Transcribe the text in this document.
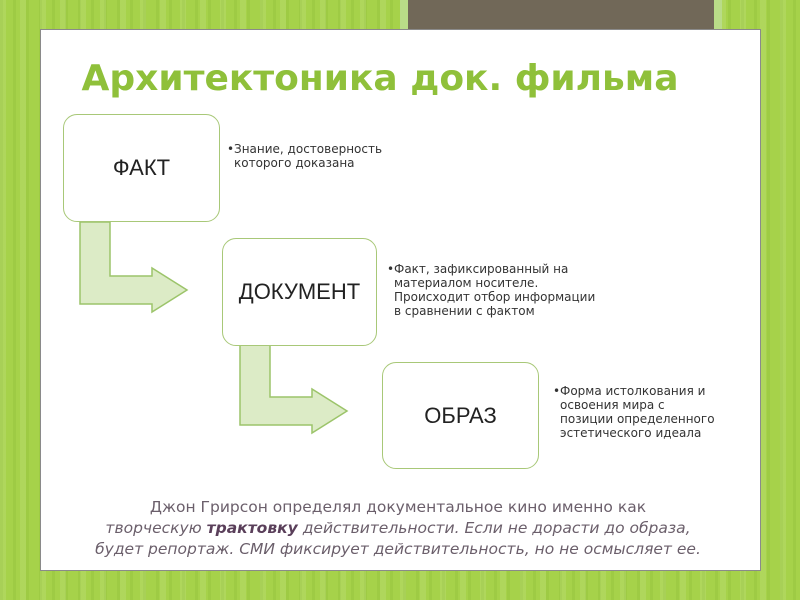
Архитектоника док. фильма
ФАКТ
ДОКУМЕНТ
ОБРАЗ
• Знание, достоверность
которого доказана
• Факт, зафиксированный на
материалом носителе.
Происходит отбор информации
в сравнении с фактом
• Форма истолкования и
освоения мира с
позиции определенного
эстетического идеала
Джон Грирсон определял документальное кино именно как
творческую трактовку действительности. Если не дорасти до образа,
будет репортаж. СМИ фиксирует действительность, но не осмысляет ее.
